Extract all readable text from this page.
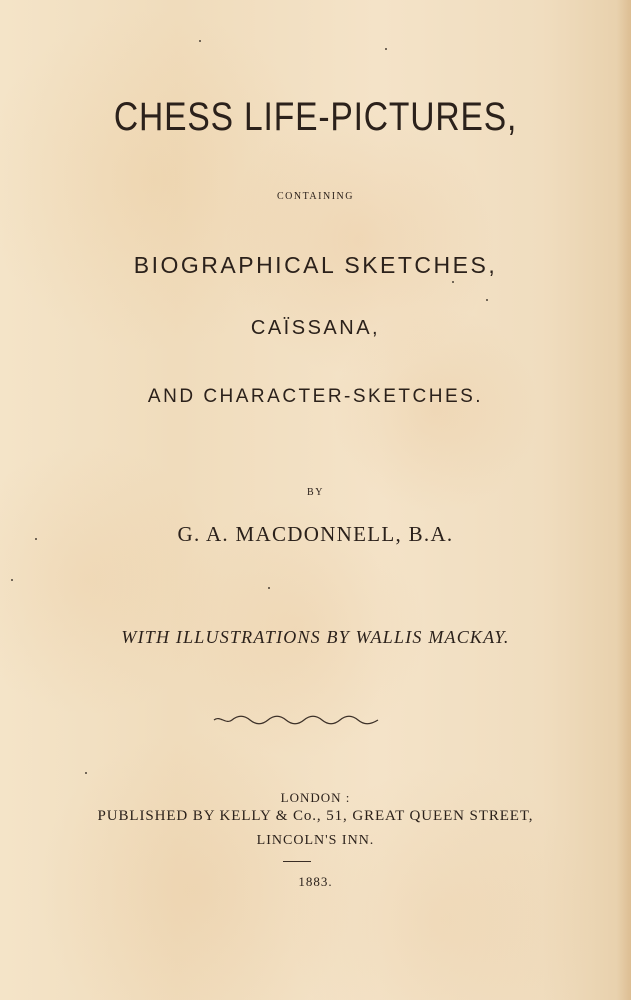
CHESS LIFE-PICTURES,
CONTAINING
BIOGRAPHICAL SKETCHES,
CAÏSSANA,
AND CHARACTER-SKETCHES.
BY
G. A. MACDONNELL, B.A.
WITH ILLUSTRATIONS BY WALLIS MACKAY.
LONDON :
PUBLISHED BY KELLY & Co., 51, GREAT QUEEN STREET,
LINCOLN'S INN.
1883.
